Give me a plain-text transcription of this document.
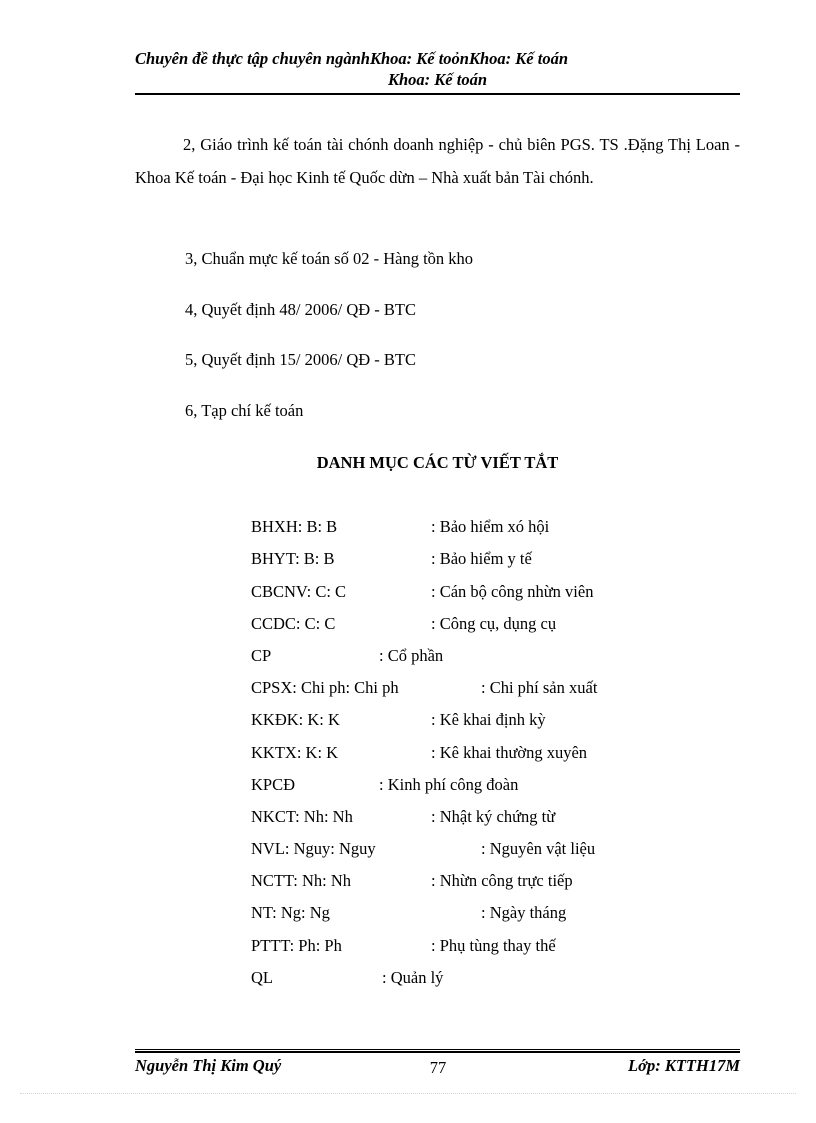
Chuyên đề thực tập chuyên ngànhKhoa: Kế toỏnKhoa: Kế toán
Khoa: Kế toán
2, Giáo trình kế toán tài chónh doanh nghiệp - chủ biên PGS. TS .Đặng Thị Loan - Khoa Kế toán - Đại học Kinh tế Quốc dừn – Nhà xuất bản Tài chónh.
3, Chuẩn mực kế toán số 02 - Hàng tồn kho
4, Quyết định 48/ 2006/ QĐ - BTC
5, Quyết định 15/ 2006/ QĐ - BTC
6, Tạp chí kế toán
DANH MỤC CÁC TỪ VIẾT TẮT
BHXH: B: B	: Bảo hiểm xó hội
BHYT: B: B	: Bảo hiểm y tế
CBCNV: C: C	: Cán bộ công nhừn viên
CCDC: C: C	: Công cụ, dụng cụ
CP	: Cổ phần
CPSX: Chi ph: Chi ph	: Chi phí sản xuất
KKĐK: K: K	: Kê khai định kỳ
KKTX: K: K	: Kê khai thường xuyên
KPCĐ	: Kinh phí công đoàn
NKCT: Nh: Nh	: Nhật ký chứng từ
NVL: Nguy: Nguy	: Nguyên vật liệu
NCTT: Nh: Nh	: Nhừn công trực tiếp
NT: Ng: Ng	: Ngày tháng
PTTT: Ph: Ph	: Phụ tùng thay thế
QL	: Quản lý
Nguyễn Thị Kim Quý	77	Lớp: KTTH17M
